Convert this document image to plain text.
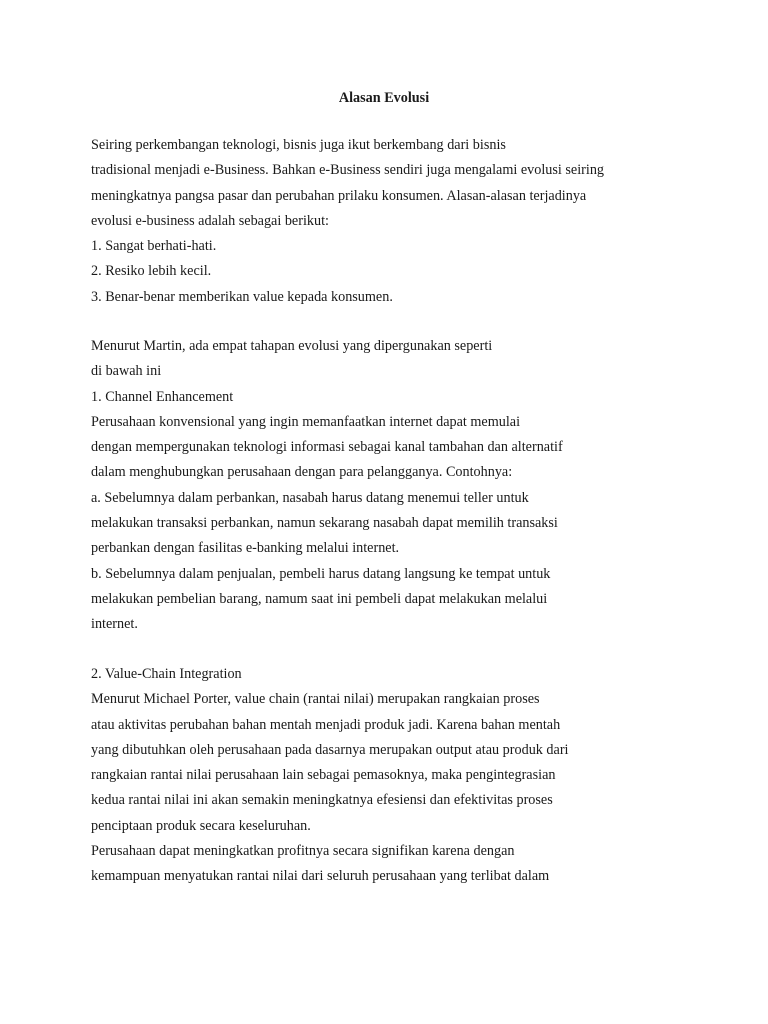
Alasan Evolusi
Seiring perkembangan teknologi, bisnis juga ikut berkembang dari bisnis
tradisional menjadi e-Business. Bahkan e-Business sendiri juga mengalami evolusi seiring
meningkatnya pangsa pasar dan perubahan prilaku konsumen. Alasan-alasan terjadinya
evolusi e-business adalah sebagai berikut:
1. Sangat berhati-hati.
2. Resiko lebih kecil.
3. Benar-benar memberikan value kepada konsumen.
Menurut Martin, ada empat tahapan evolusi yang dipergunakan seperti
di bawah ini
1. Channel Enhancement
Perusahaan konvensional yang ingin memanfaatkan internet dapat memulai
dengan mempergunakan teknologi informasi sebagai kanal tambahan dan alternatif
dalam menghubungkan perusahaan dengan para pelangganya. Contohnya:
a. Sebelumnya dalam perbankan, nasabah harus datang menemui teller untuk
melakukan transaksi perbankan, namun sekarang nasabah dapat memilih transaksi
perbankan dengan fasilitas e-banking melalui internet.
b. Sebelumnya dalam penjualan, pembeli harus datang langsung ke tempat untuk
melakukan pembelian barang, namum saat ini pembeli dapat melakukan melalui
internet.
2. Value-Chain Integration
Menurut Michael Porter, value chain (rantai nilai) merupakan rangkaian proses
atau aktivitas perubahan bahan mentah menjadi produk jadi. Karena bahan mentah
yang dibutuhkan oleh perusahaan pada dasarnya merupakan output atau produk dari
rangkaian rantai nilai perusahaan lain sebagai pemasoknya, maka pengintegrasian
kedua rantai nilai ini akan semakin meningkatnya efesiensi dan efektivitas proses
penciptaan produk secara keseluruhan.
Perusahaan dapat meningkatkan profitnya secara signifikan karena dengan
kemampuan menyatukan rantai nilai dari seluruh perusahaan yang terlibat dalam
